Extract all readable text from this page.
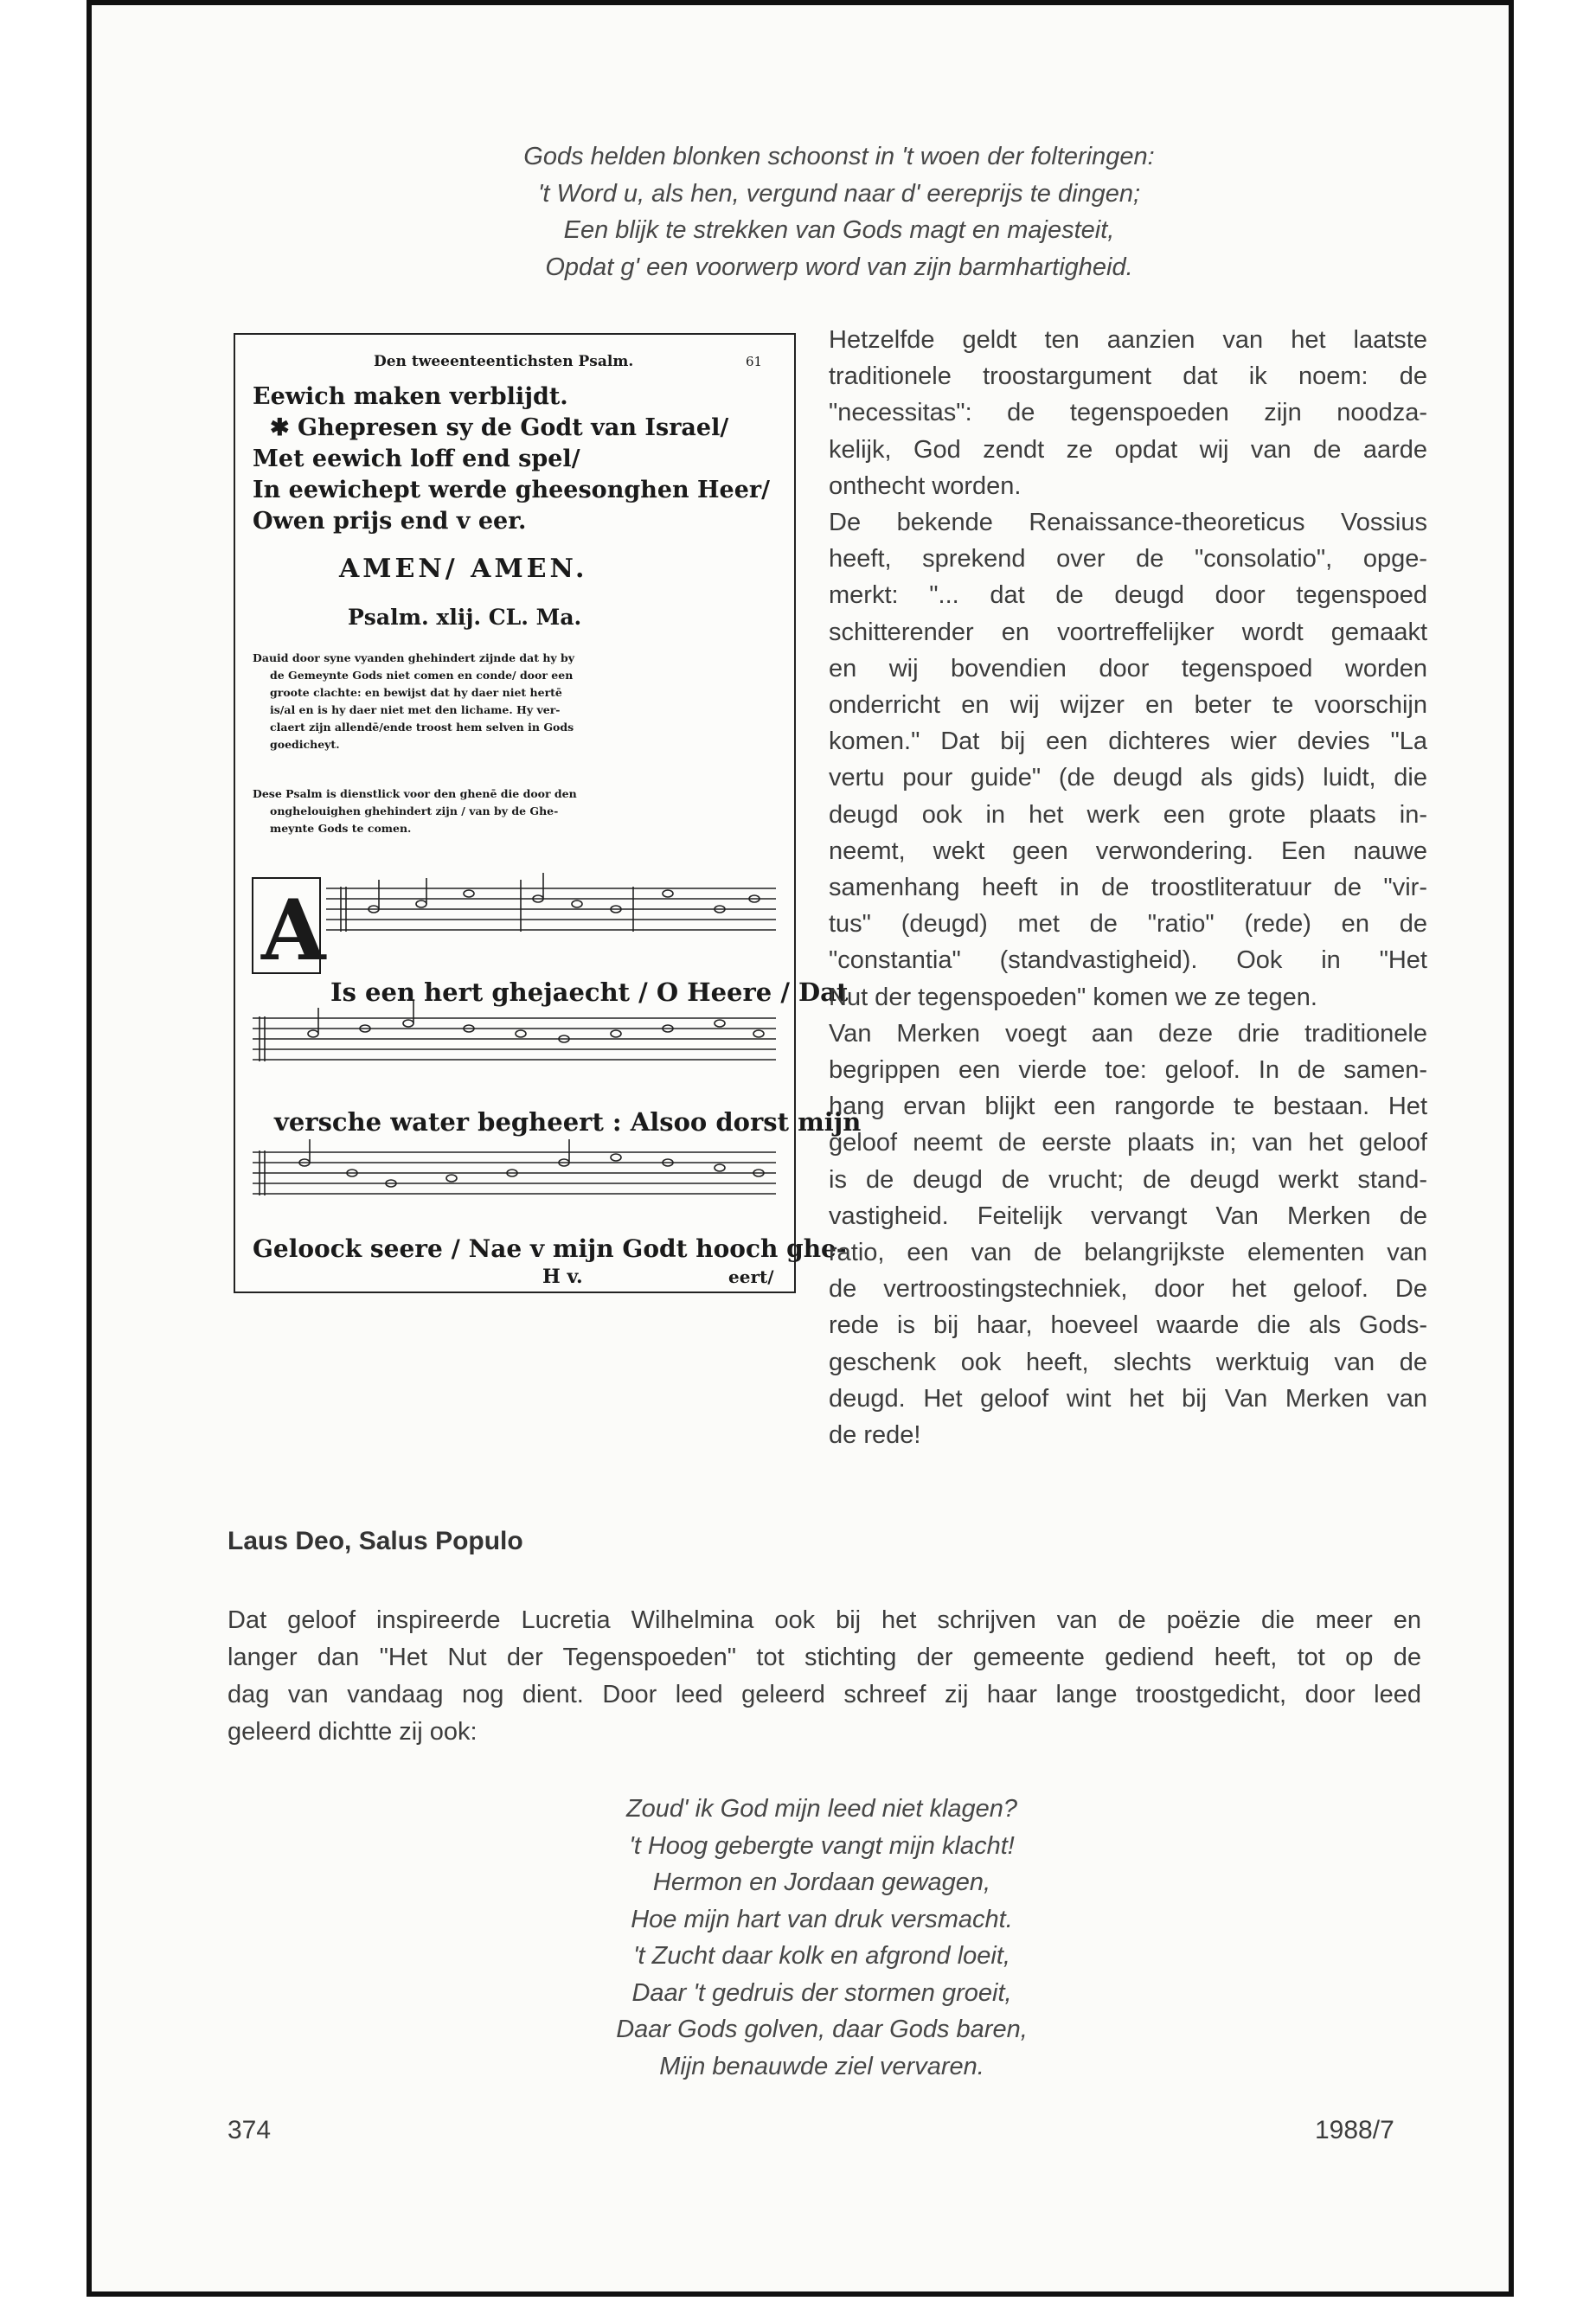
Gods helden blonken schoonst in 't woen der folteringen:
't Word u, als hen, vergund naar d' eereprijs te dingen;
Een blijk te strekken van Gods magt en majesteit,
Opdat g' een voorwerp word van zijn barmhartigheid.
Den tweeenteentichsten Psalm.	61
Eewich maken verblijdt.
✱ Ghepresen sy de Godt van Israel/
Met eewich loff end spel/
In eewichept werde gheesonghen Heer/
Owen prijs end v eer.
AMEN/ AMEN.
Psalm. xlij. CL. Ma.
Dauid door syne vyanden ghehindert zijnde dat hy by
de Gemeynte Gods niet comen en conde/ door een
groote clachte: en bewijst dat hy daer niet hertē
is/al en is hy daer niet met den lichame. Hy ver-
claert zijn allendē/ende troost hem selven in Gods
goedicheyt.
Dese Psalm is dienstlick voor den ghenē die door den
onghelouighen ghehindert zijn / van by de Ghe-
meynte Gods te comen.
A
Is een hert ghejaecht / O Heere / Dat
versche water begheert : Alsoo dorst mijn
Geloock seere / Nae v mijn Godt hooch ghe-
H v.	eert/
Hetzelfde geldt ten aanzien van het laatste
traditionele troostargument dat ik noem: de
"necessitas": de tegenspoeden zijn noodza-
kelijk, God zendt ze opdat wij van de aarde
onthecht worden.
De bekende Renaissance-theoreticus Vossius
heeft, sprekend over de "consolatio", opge-
merkt: "... dat de deugd door tegenspoed
schitterender en voortreffelijker wordt gemaakt
en wij bovendien door tegenspoed worden
onderricht en wij wijzer en beter te voorschijn
komen." Dat bij een dichteres wier devies "La
vertu pour guide" (de deugd als gids) luidt, die
deugd ook in het werk een grote plaats in-
neemt, wekt geen verwondering. Een nauwe
samenhang heeft in de troostliteratuur de "vir-
tus" (deugd) met de "ratio" (rede) en de
"constantia" (standvastigheid). Ook in "Het
Nut der tegenspoeden" komen we ze tegen.
Van Merken voegt aan deze drie traditionele
begrippen een vierde toe: geloof. In de samen-
hang ervan blijkt een rangorde te bestaan. Het
geloof neemt de eerste plaats in; van het geloof
is de deugd de vrucht; de deugd werkt stand-
vastigheid. Feitelijk vervangt Van Merken de
ratio, een van de belangrijkste elementen van
de vertroostingstechniek, door het geloof. De
rede is bij haar, hoeveel waarde die als Gods-
geschenk ook heeft, slechts werktuig van de
deugd. Het geloof wint het bij Van Merken van
de rede!
Laus Deo, Salus Populo
Dat geloof inspireerde Lucretia Wilhelmina ook bij het schrijven van de poëzie die meer en
langer dan "Het Nut der Tegenspoeden" tot stichting der gemeente gediend heeft, tot op de
dag van vandaag nog dient. Door leed geleerd schreef zij haar lange troostgedicht, door leed
geleerd dichtte zij ook:
Zoud' ik God mijn leed niet klagen?
't Hoog gebergte vangt mijn klacht!
Hermon en Jordaan gewagen,
Hoe mijn hart van druk versmacht.
't Zucht daar kolk en afgrond loeit,
Daar 't gedruis der stormen groeit,
Daar Gods golven, daar Gods baren,
Mijn benauwde ziel vervaren.
374	1988/7
